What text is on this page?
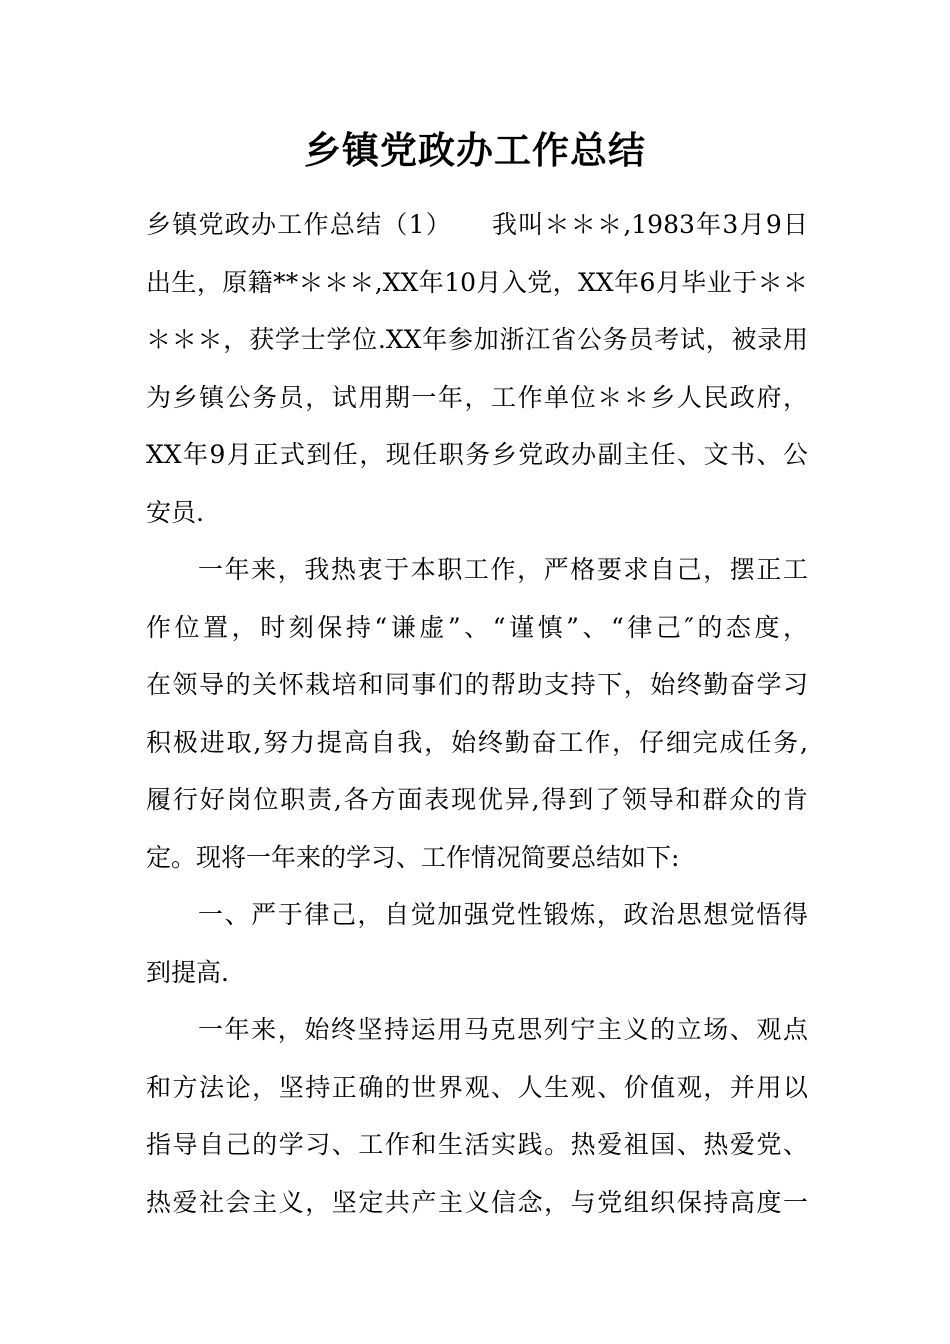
乡镇党政办工作总结
乡镇党政办工作总结（1）　　我叫＊＊＊,1983年3月9日
出生，原籍**＊＊＊,XX年10月入党，XX年6月毕业于＊＊
＊＊＊，获学士学位.XX年参加浙江省公务员考试，被录用
为乡镇公务员，试用期一年，工作单位＊＊乡人民政府，
XX年9月正式到任，现任职务乡党政办副主任、文书、公
安员.
一年来，我热衷于本职工作，严格要求自己，摆正工
作位置，时刻保持“谦虚”、“谨慎”、“律己″的态度，
在领导的关怀栽培和同事们的帮助支持下，始终勤奋学习
积极进取,努力提高自我，始终勤奋工作，仔细完成任务,
履行好岗位职责,各方面表现优异,得到了领导和群众的肯
定。现将一年来的学习、工作情况简要总结如下:
一、严于律己，自觉加强党性锻炼，政治思想觉悟得
到提高.
一年来，始终坚持运用马克思列宁主义的立场、观点
和方法论，坚持正确的世界观、人生观、价值观，并用以
指导自己的学习、工作和生活实践。热爱祖国、热爱党、
热爱社会主义，坚定共产主义信念，与党组织保持高度一
